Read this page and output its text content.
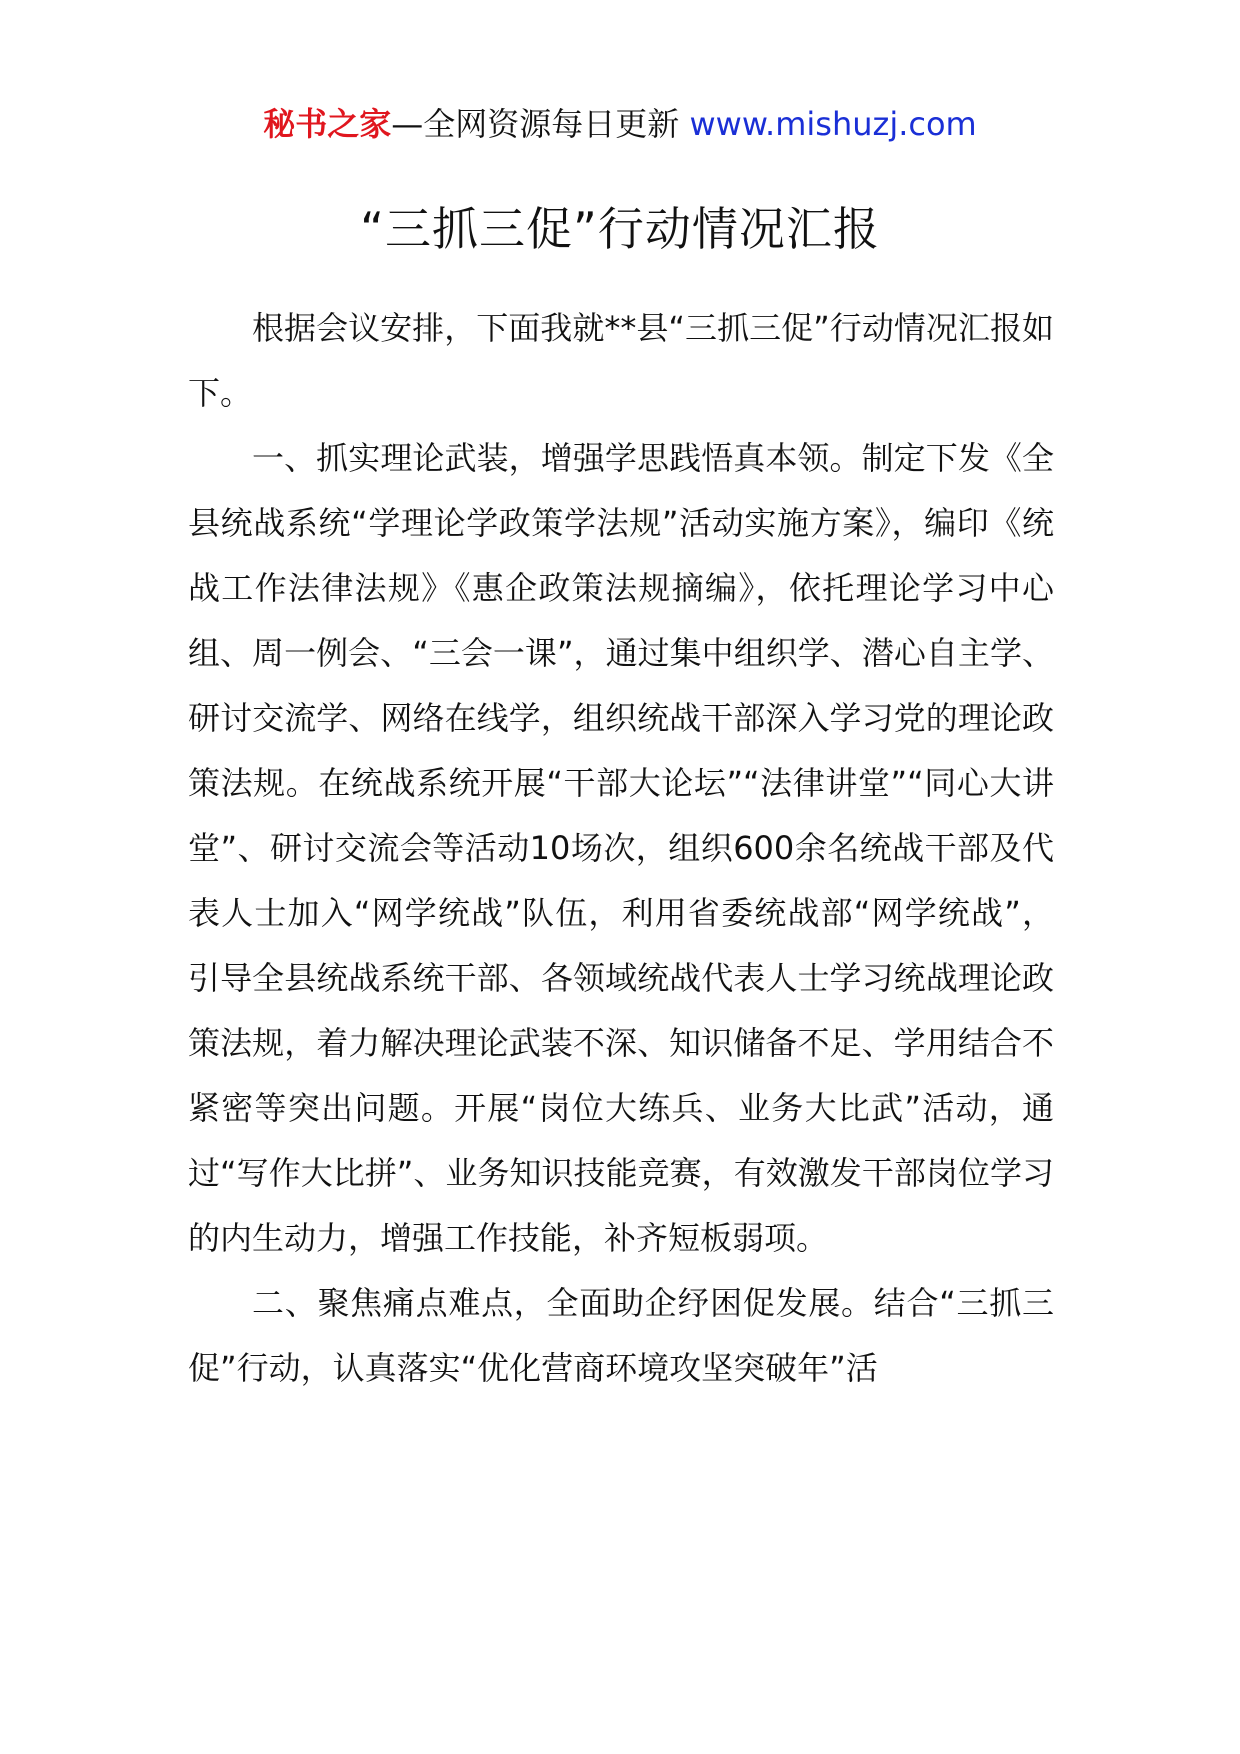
秘书之家—全网资源每日更新 www.mishuzj.com
“三抓三促”行动情况汇报

根据会议安排，下面我就**县“三抓三促”行动情况汇报如下。

一、抓实理论武装，增强学思践悟真本领。制定下发《全县统战系统“学理论学政策学法规”活动实施方案》，编印《统战工作法律法规》《惠企政策法规摘编》，依托理论学习中心组、周一例会、“三会一课”，通过集中组织学、潜心自主学、研讨交流学、网络在线学，组织统战干部深入学习党的理论政策法规。在统战系统开展“干部大论坛”“法律讲堂”“同心大讲堂”、研讨交流会等活动10场次，组织600余名统战干部及代表人士加入“网学统战”队伍，利用省委统战部“网学统战”，引导全县统战系统干部、各领域统战代表人士学习统战理论政策法规，着力解决理论武装不深、知识储备不足、学用结合不紧密等突出问题。开展“岗位大练兵、业务大比武”活动，通过“写作大比拼”、业务知识技能竞赛，有效激发干部岗位学习的内生动力，增强工作技能，补齐短板弱项。

二、聚焦痛点难点，全面助企纾困促发展。结合“三抓三促”行动，认真落实“优化营商环境攻坚突破年”活
